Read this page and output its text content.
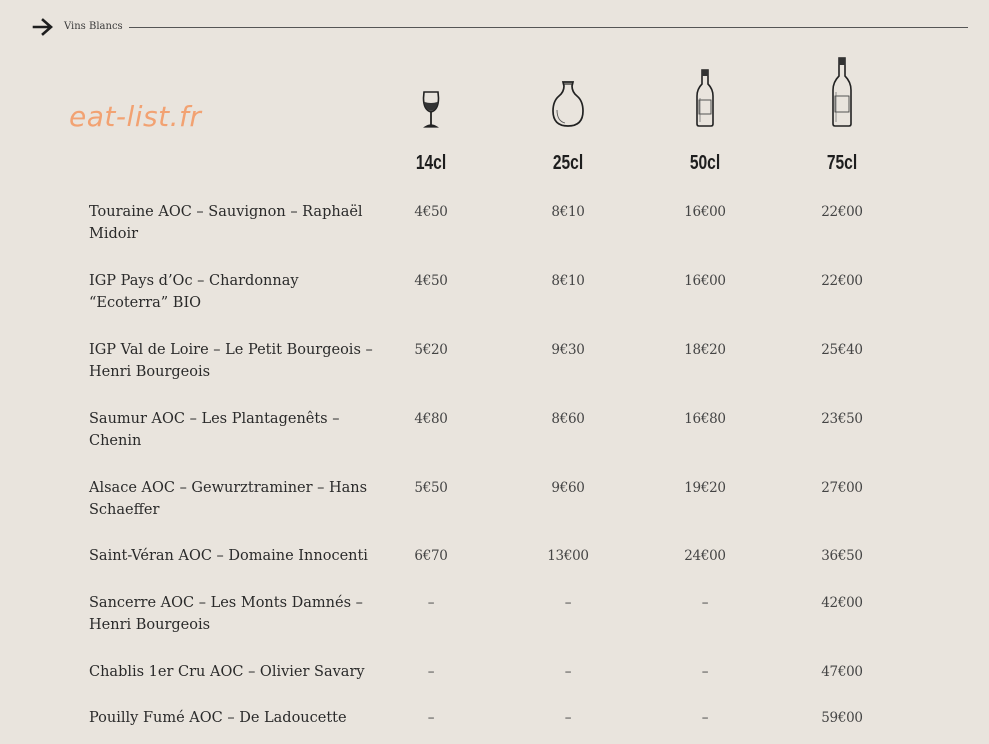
Vins Blancs
eat-list.fr
14cl	25cl	50cl	75cl
Touraine AOC – Sauvignon – Raphaël Midoir
4€50	8€10	16€00	22€00
IGP Pays d’Oc – Chardonnay “Ecoterra” BIO
4€50	8€10	16€00	22€00
IGP Val de Loire – Le Petit Bourgeois – Henri Bourgeois
5€20	9€30	18€20	25€40
Saumur AOC – Les Plantagenêts – Chenin
4€80	8€60	16€80	23€50
Alsace AOC – Gewurztraminer – Hans Schaeffer
5€50	9€60	19€20	27€00
Saint-Véran AOC – Domaine Innocenti	6€70	13€00	24€00	36€50
Sancerre AOC – Les Monts Damnés – Henri Bourgeois
–	–	–	42€00
Chablis 1er Cru AOC – Olivier Savary	–	–	–	47€00
Pouilly Fumé AOC – De Ladoucette	–	–	–	59€00
